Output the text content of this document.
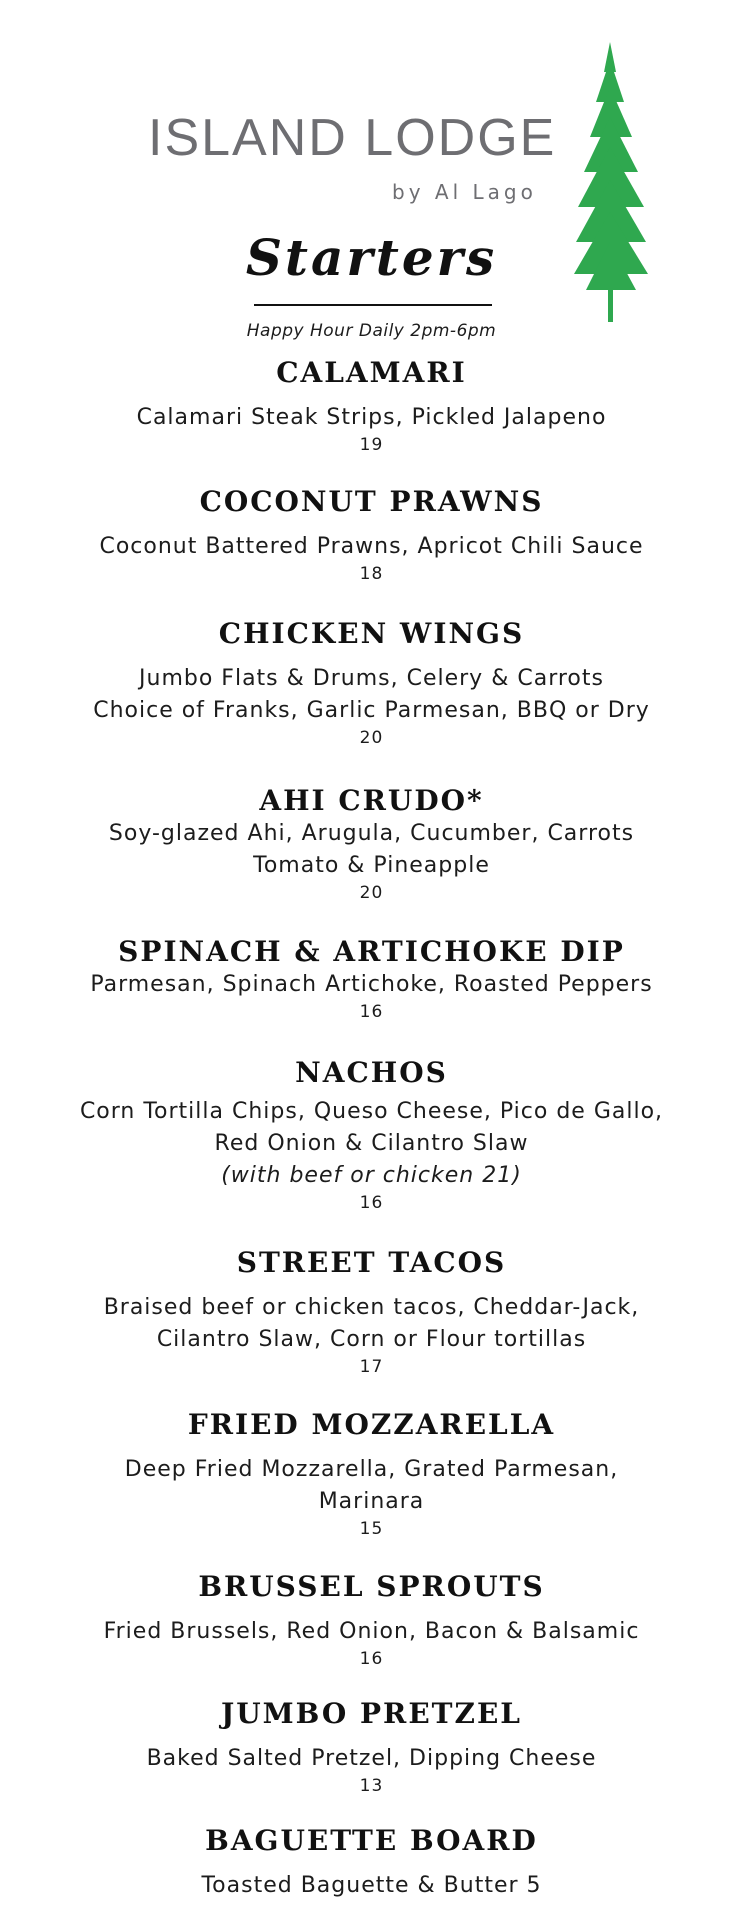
ISLAND LODGE
by Al Lago
Starters
Happy Hour Daily 2pm-6pm
CALAMARI
Calamari Steak Strips, Pickled Jalapeno
19
COCONUT PRAWNS
Coconut Battered Prawns, Apricot Chili Sauce
18
CHICKEN WINGS
Jumbo Flats & Drums, Celery & Carrots
Choice of Franks, Garlic Parmesan, BBQ or Dry
20
AHI CRUDO*
Soy-glazed Ahi, Arugula, Cucumber, Carrots
Tomato & Pineapple
20
SPINACH & ARTICHOKE DIP
Parmesan, Spinach Artichoke, Roasted Peppers
16
NACHOS
Corn Tortilla Chips, Queso Cheese, Pico de Gallo,
Red Onion & Cilantro Slaw
(with beef or chicken 21)
16
STREET TACOS
Braised beef or chicken tacos, Cheddar-Jack,
Cilantro Slaw, Corn or Flour tortillas
17
FRIED MOZZARELLA
Deep Fried Mozzarella, Grated Parmesan,
Marinara
15
BRUSSEL SPROUTS
Fried Brussels, Red Onion, Bacon & Balsamic
16
JUMBO PRETZEL
Baked Salted Pretzel, Dipping Cheese
13
BAGUETTE BOARD
Toasted Baguette & Butter 5
